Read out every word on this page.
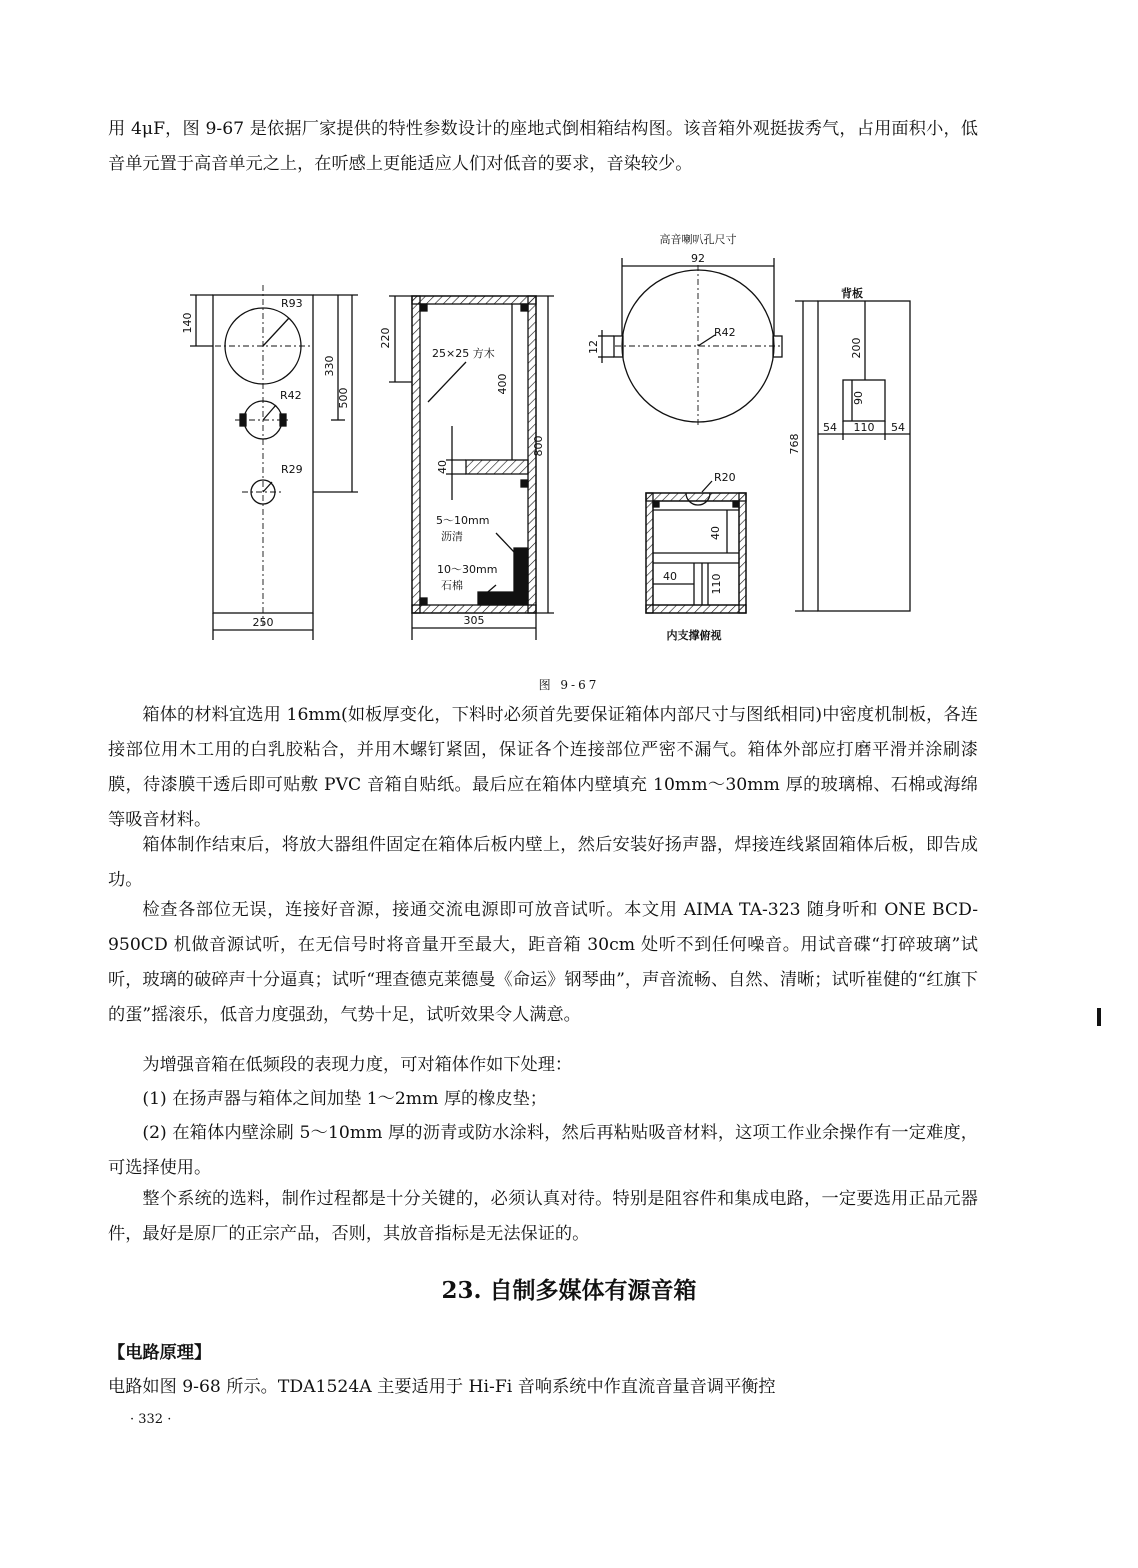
用 4μF，图 9-67 是依据厂家提供的特性参数设计的座地式倒相箱结构图。该音箱外观挺拔秀气，占用面积小，低音单元置于高音单元之上，在听感上更能适应人们对低音的要求，音染较少。

R93
R42
R29
140
330
500
250
220
25×25 方木
400
800
40
5～10mm
沥清
10～30mm
石棉
305
高音喇叭孔尺寸
92
R42
12
R20
40
40	110
内支撑俯视
背板
200
90
54 110 54
768
图 9-67

箱体的材料宜选用 16mm(如板厚变化，下料时必须首先要保证箱体内部尺寸与图纸相同)中密度机制板，各连接部位用木工用的白乳胶粘合，并用木螺钉紧固，保证各个连接部位严密不漏气。箱体外部应打磨平滑并涂刷漆膜，待漆膜干透后即可贴敷 PVC 音箱自贴纸。最后应在箱体内壁填充 10mm～30mm 厚的玻璃棉、石棉或海绵等吸音材料。

箱体制作结束后，将放大器组件固定在箱体后板内壁上，然后安装好扬声器，焊接连线紧固箱体后板，即告成功。

检查各部位无误，连接好音源，接通交流电源即可放音试听。本文用 AIMA TA-323 随身听和 ONE BCD-950CD 机做音源试听，在无信号时将音量开至最大，距音箱 30cm 处听不到任何噪音。用试音碟“打碎玻璃”试听，玻璃的破碎声十分逼真；试听“理查德克莱德曼《命运》钢琴曲”，声音流畅、自然、清晰；试听崔健的“红旗下的蛋”摇滚乐，低音力度强劲，气势十足，试听效果令人满意。

为增强音箱在低频段的表现力度，可对箱体作如下处理：

(1) 在扬声器与箱体之间加垫 1～2mm 厚的橡皮垫；

(2) 在箱体内壁涂刷 5～10mm 厚的沥青或防水涂料，然后再粘贴吸音材料，这项工作业余操作有一定难度，可选择使用。

整个系统的选料，制作过程都是十分关键的，必须认真对待。特别是阻容件和集成电路，一定要选用正品元器件，最好是原厂的正宗产品，否则，其放音指标是无法保证的。

23. 自制多媒体有源音箱

【电路原理】

电路如图 9-68 所示。TDA1524A 主要适用于 Hi-Fi 音响系统中作直流音量音调平衡控

· 332 ·
